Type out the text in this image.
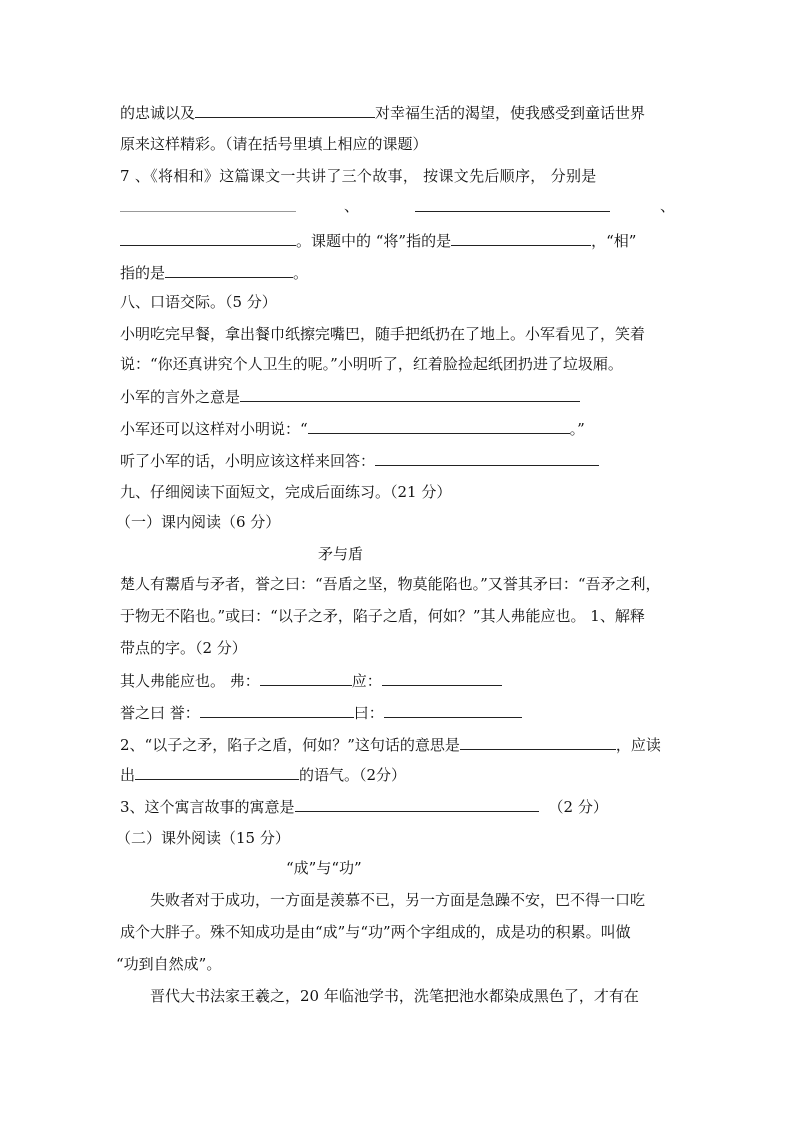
的忠诚以及	对幸福生活的渴望，使我感受到童话世界
原来这样精彩。（请在括号里填上相应的课题）
7 、《将相和》这篇课文一共讲了三个故事， 按课文先后顺序， 分别是
、	、
。课题中的 “将”指的是	，“相”
指的是	。
八、口语交际。（5 分）
小明吃完早餐，拿出餐巾纸擦完嘴巴，随手把纸扔在了地上。小军看见了，笑着
说：“你还真讲究个人卫生的呢。”小明听了，红着脸捡起纸团扔进了垃圾厢。
小军的言外之意是
小军还可以这样对小明说：“	。”
听了小军的话，小明应该这样来回答：
九、仔细阅读下面短文，完成后面练习。（21 分）
（一）课内阅读（6 分）
矛与盾
楚人有鬻盾与矛者，誉之曰：“吾盾之坚，物莫能陷也。”又誉其矛曰：“吾矛之利，
于物无不陷也。”或曰：“以子之矛，陷子之盾，何如？”其人弗能应也。 1、解释
带点的字。（2 分）
其人弗能应也。 弗：	应：
誉之曰 誉：	曰：
2、“以子之矛，陷子之盾，何如？”这句话的意思是	，应读
出	的语气。（2分）
3、这个寓言故事的寓意是	（2 分）
（二）课外阅读（15 分）
“成”与“功”
失败者对于成功，一方面是羡慕不已，另一方面是急躁不安，巴不得一口吃
成个大胖子。殊不知成功是由“成”与“功”两个字组成的，成是功的积累。叫做
“功到自然成”。
晋代大书法家王羲之，20 年临池学书，洗笔把池水都染成黑色了，才有在
